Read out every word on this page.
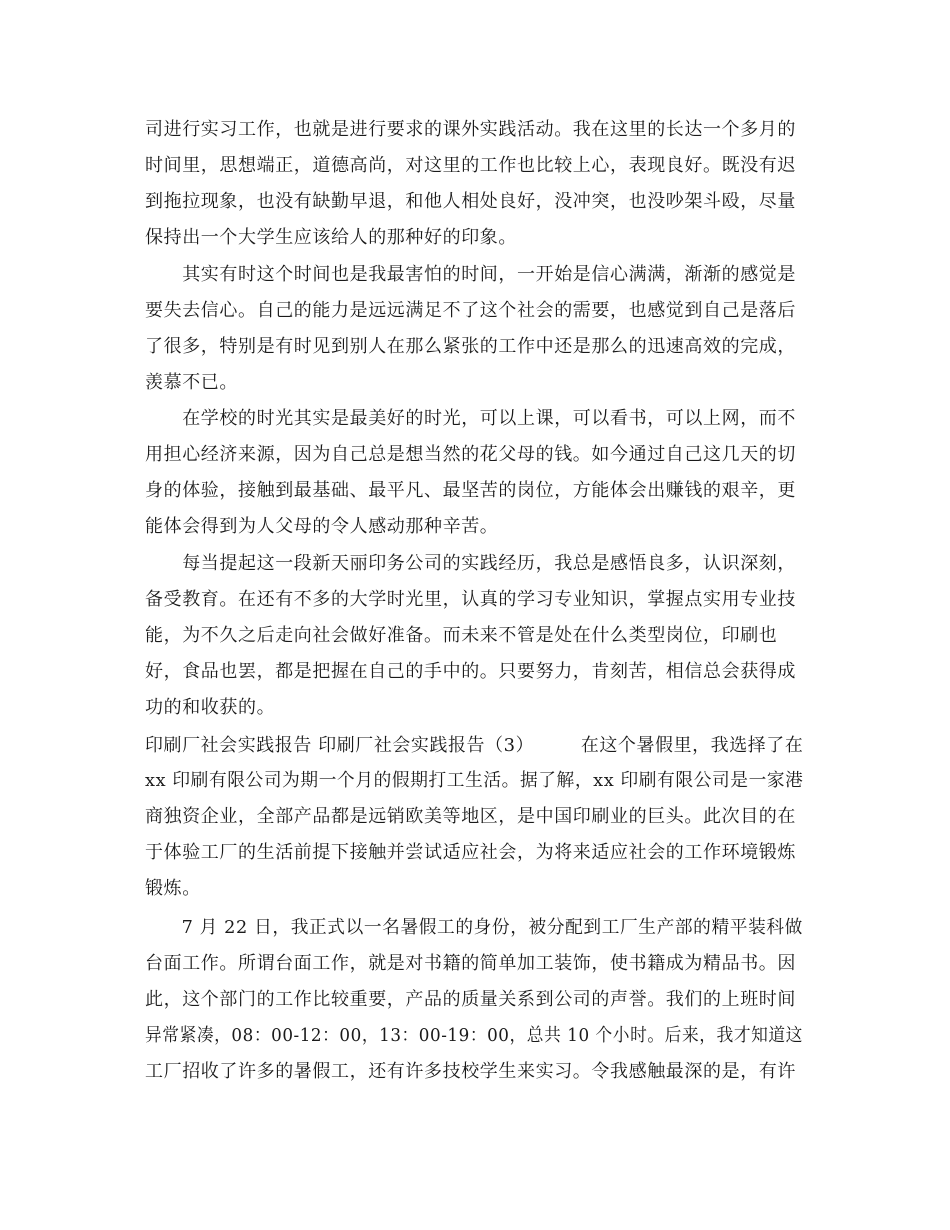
司进行实习工作，也就是进行要求的课外实践活动。我在这里的长达一个多月的
时间里，思想端正，道德高尚，对这里的工作也比较上心，表现良好。既没有迟
到拖拉现象，也没有缺勤早退，和他人相处良好，没冲突，也没吵架斗殴，尽量
保持出一个大学生应该给人的那种好的印象。
　　其实有时这个时间也是我最害怕的时间，一开始是信心满满，渐渐的感觉是
要失去信心。自己的能力是远远满足不了这个社会的需要，也感觉到自己是落后
了很多，特别是有时见到别人在那么紧张的工作中还是那么的迅速高效的完成，
羡慕不已。
　　在学校的时光其实是最美好的时光，可以上课，可以看书，可以上网，而不
用担心经济来源，因为自己总是想当然的花父母的钱。如今通过自己这几天的切
身的体验，接触到最基础、最平凡、最坚苦的岗位，方能体会出赚钱的艰辛，更
能体会得到为人父母的令人感动那种辛苦。
　　每当提起这一段新天丽印务公司的实践经历，我总是感悟良多，认识深刻，
备受教育。在还有不多的大学时光里，认真的学习专业知识，掌握点实用专业技
能，为不久之后走向社会做好准备。而未来不管是处在什么类型岗位，印刷也
好，食品也罢，都是把握在自己的手中的。只要努力，肯刻苦，相信总会获得成
功的和收获的。
印刷厂社会实践报告 印刷厂社会实践报告（3）　　　在这个暑假里，我选择了在
xx 印刷有限公司为期一个月的假期打工生活。据了解，xx 印刷有限公司是一家港
商独资企业，全部产品都是远销欧美等地区，是中国印刷业的巨头。此次目的在
于体验工厂的生活前提下接触并尝试适应社会，为将来适应社会的工作环境锻炼
锻炼。
　　7 月 22 日，我正式以一名暑假工的身份，被分配到工厂生产部的精平装科做
台面工作。所谓台面工作，就是对书籍的简单加工装饰，使书籍成为精品书。因
此，这个部门的工作比较重要，产品的质量关系到公司的声誉。我们的上班时间
异常紧凑，08：00-12：00，13：00-19：00，总共 10 个小时。后来，我才知道这
工厂招收了许多的暑假工，还有许多技校学生来实习。令我感触最深的是，有许
